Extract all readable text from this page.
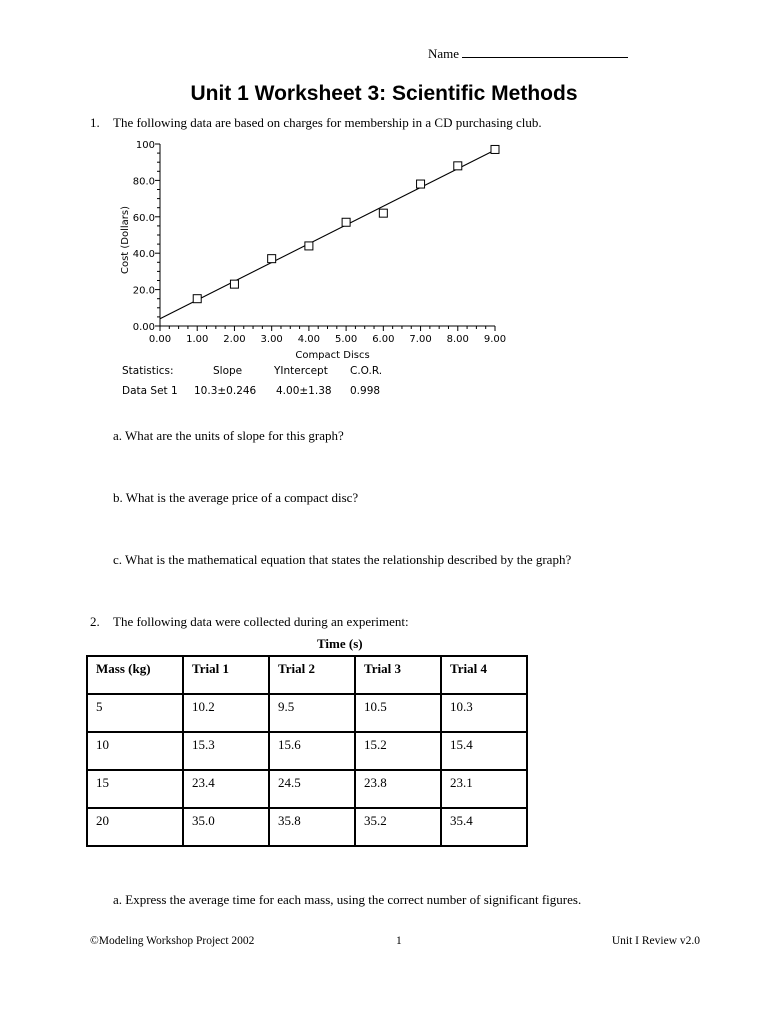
Name
Unit 1 Worksheet 3: Scientific Methods
1. The following data are based on charges for membership in a CD purchasing club.
0.00
20.0
40.0
60.0
80.0
100
0.00 1.00 2.00 3.00 4.00 5.00 6.00 7.00 8.00 9.00
Compact Discs
Cost (Dollars)
Statistics:	Slope	YIntercept C.O.R.
Data Set 1 10.3±0.246 4.00±1.38 0.998
a. What are the units of slope for this graph?
b. What is the average price of a compact disc?
c. What is the mathematical equation that states the relationship described by the graph?
2. The following data were collected during an experiment:
Time (s)
Mass (kg)	Trial 1	Trial 2	Trial 3	Trial 4
5	10.2	9.5	10.5	10.3
10	15.3	15.6	15.2	15.4
15	23.4	24.5	23.8	23.1
20	35.0	35.8	35.2	35.4
a. Express the average time for each mass, using the correct number of significant figures.
©Modeling Workshop Project 2002	1	Unit I Review v2.0
